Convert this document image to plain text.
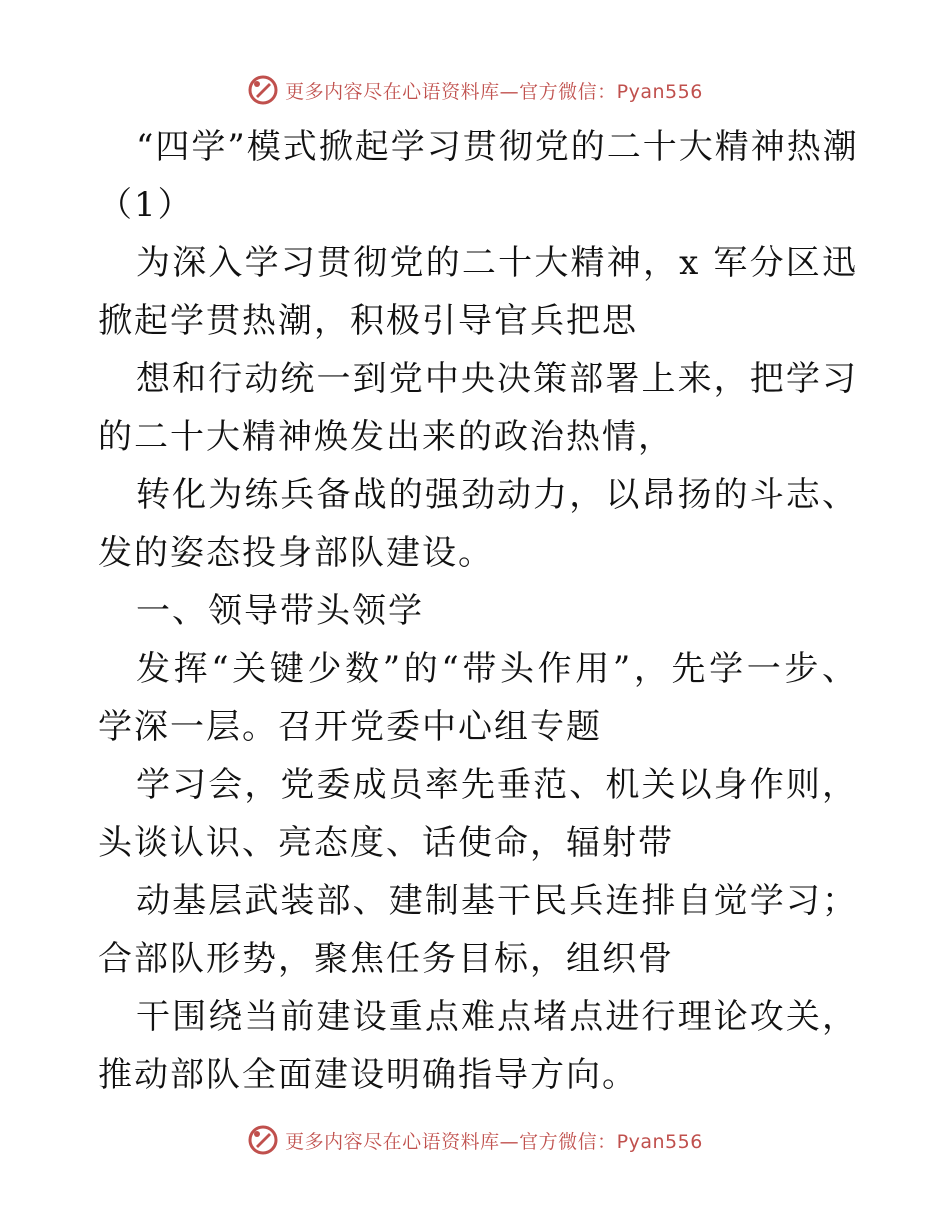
更多内容尽在心语资料库—官方微信：Pyan556
“四学”模式掀起学习贯彻党的二十大精神热潮
（1）
为深入学习贯彻党的二十大精神，x 军分区迅
掀起学贯热潮，积极引导官兵把思
想和行动统一到党中央决策部署上来，把学习
的二十大精神焕发出来的政治热情，
转化为练兵备战的强劲动力，以昂扬的斗志、
发的姿态投身部队建设。
一、领导带头领学
发挥“关键少数”的“带头作用”，先学一步、
学深一层。召开党委中心组专题
学习会，党委成员率先垂范、机关以身作则，
头谈认识、亮态度、话使命，辐射带
动基层武装部、建制基干民兵连排自觉学习；
合部队形势，聚焦任务目标，组织骨
干围绕当前建设重点难点堵点进行理论攻关，
推动部队全面建设明确指导方向。
更多内容尽在心语资料库—官方微信：Pyan556
